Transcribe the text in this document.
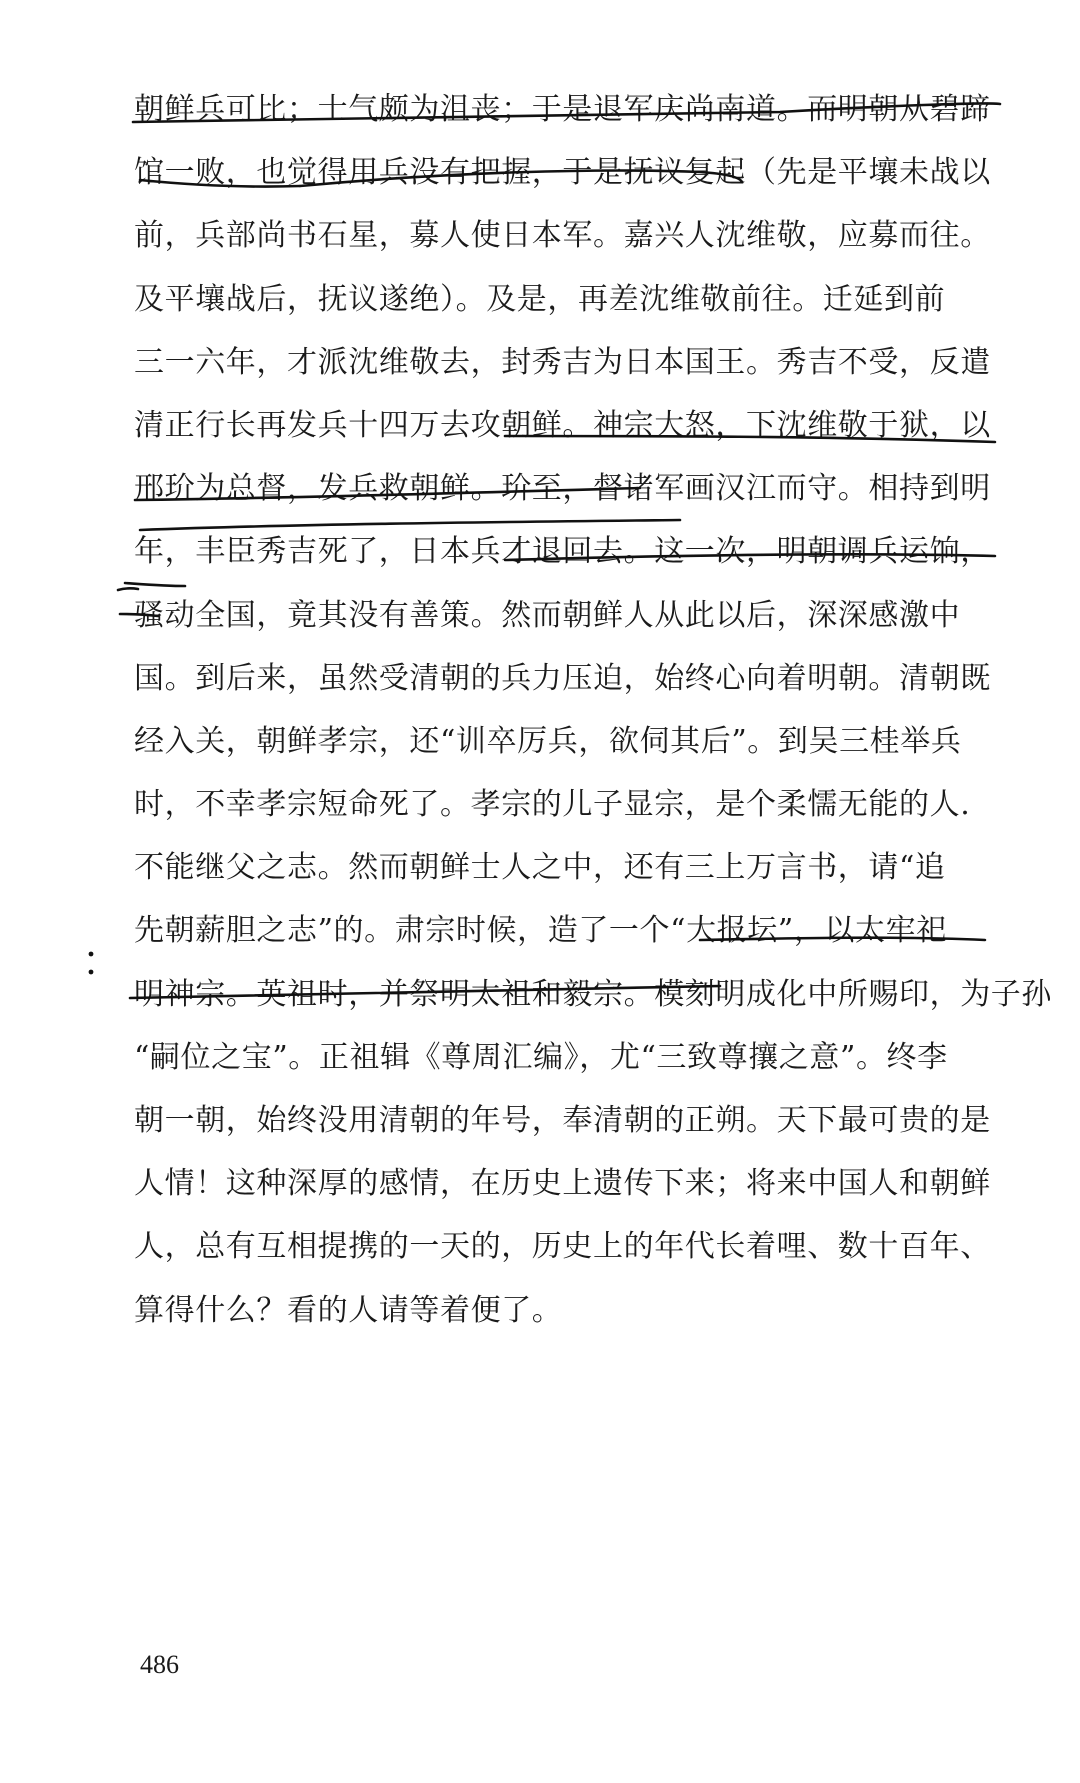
朝鲜兵可比；士气颇为沮丧；于是退军庆尚南道。而明朝从碧蹄
馆一败，也觉得用兵没有把握，于是抚议复起（先是平壤未战以
前，兵部尚书石星，募人使日本军。嘉兴人沈维敬，应募而往。
及平壤战后，抚议遂绝）。及是，再差沈维敬前往。迁延到前
三一六年，才派沈维敬去，封秀吉为日本国王。秀吉不受，反遣
清正行长再发兵十四万去攻朝鲜。神宗大怒，下沈维敬于狱，以
邢玠为总督，发兵救朝鲜。玠至，督诸军画汉江而守。相持到明
年，丰臣秀吉死了，日本兵才退回去。这一次，明朝调兵运饷，
骚动全国，竟其没有善策。然而朝鲜人从此以后，深深感激中
国。到后来，虽然受清朝的兵力压迫，始终心向着明朝。清朝既
经入关，朝鲜孝宗，还“训卒厉兵，欲伺其后”。到吴三桂举兵
时，不幸孝宗短命死了。孝宗的儿子显宗，是个柔懦无能的人.
不能继父之志。然而朝鲜士人之中，还有三上万言书，请“追
先朝薪胆之志”的。肃宗时候，造了一个“大报坛”，以太牢祀
明神宗。英祖时，并祭明太祖和毅宗。模刻明成化中所赐印，为子孙
“嗣位之宝”。正祖辑《尊周汇编》，尤“三致尊攘之意”。终李
朝一朝，始终没用清朝的年号，奉清朝的正朔。天下最可贵的是
人情！这种深厚的感情，在历史上遗传下来；将来中国人和朝鲜
人，总有互相提携的一天的，历史上的年代长着哩、数十百年、
算得什么？看的人请等着便了。
486
